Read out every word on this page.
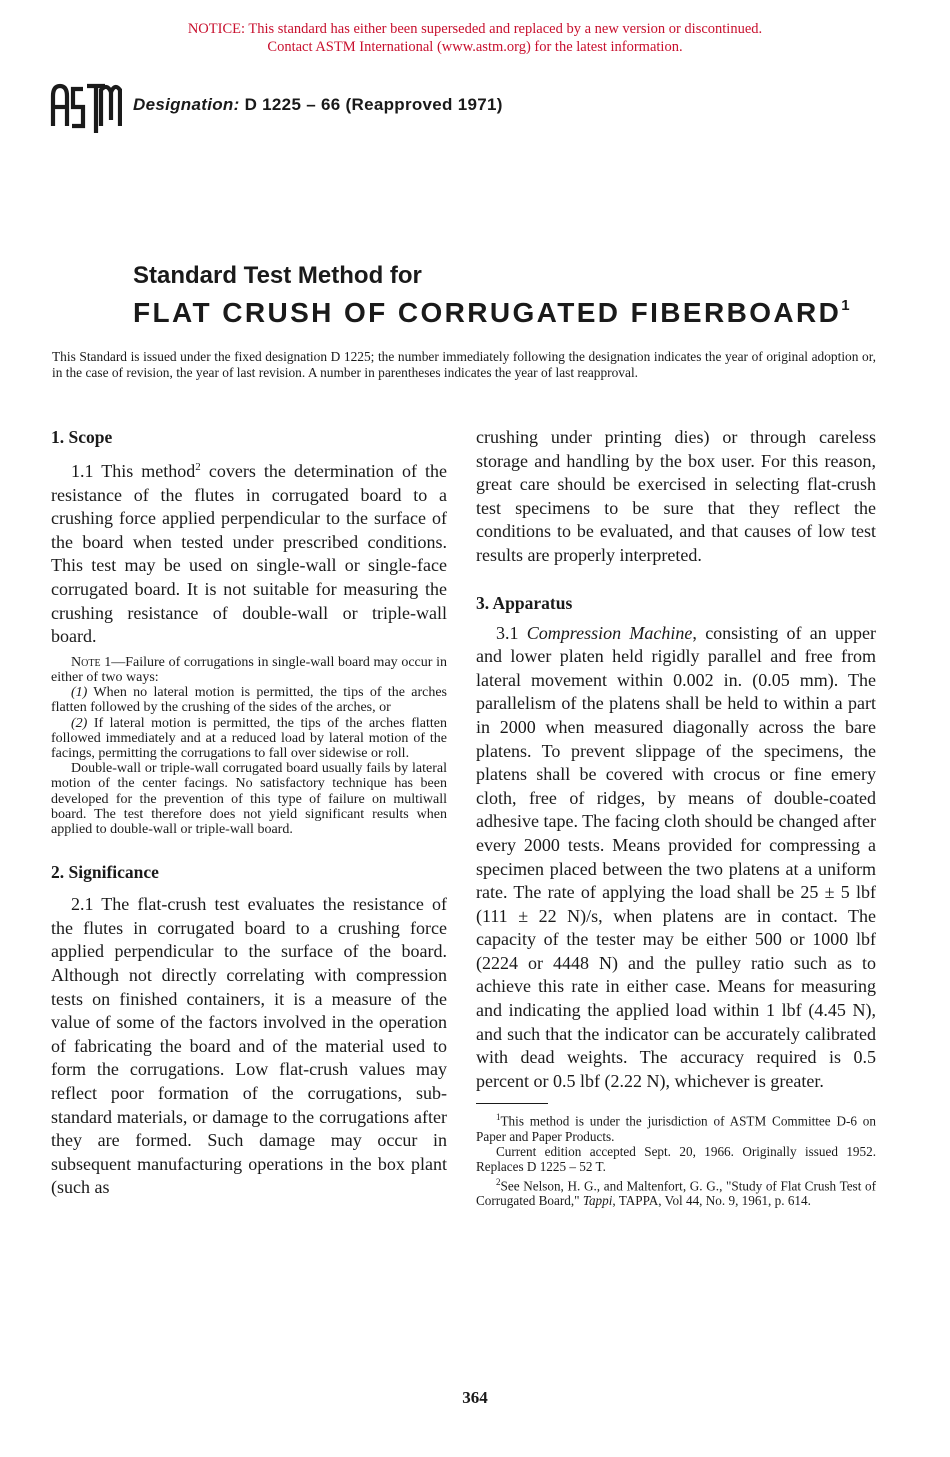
NOTICE: This standard has either been superseded and replaced by a new version or discontinued.
Contact ASTM International (www.astm.org) for the latest information.
ASTM
Designation: D 1225 – 66 (Reapproved 1971)
Standard Test Method for
FLAT CRUSH OF CORRUGATED FIBERBOARD$^1$
This Standard is issued under the fixed designation D 1225; the number immediately following the designation indicates the year of original adoption or, in the case of revision, the year of last revision. A number in parentheses indicates the year of last reapproval.
1. Scope

1.1 This method$^2$ covers the determination of the resistance of the flutes in corrugated board to a crushing force applied perpendicular to the surface of the board when tested under prescribed conditions. This test may be used on single-wall or single-face corrugated board. It is not suitable for measuring the crushing resistance of double-wall or triple-wall board.

Note 1—Failure of corrugations in single-wall board may occur in either of two ways:

(1) When no lateral motion is permitted, the tips of the arches flatten followed by the crushing of the sides of the arches, or

(2) If lateral motion is permitted, the tips of the arches flatten followed immediately and at a reduced load by lateral motion of the facings, permitting the corrugations to fall over sidewise or roll.

Double-wall or triple-wall corrugated board usually fails by lateral motion of the center facings. No satisfactory technique has been developed for the prevention of this type of failure on multiwall board. The test therefore does not yield significant results when applied to double-wall or triple-wall board.

2. Significance

2.1 The flat-crush test evaluates the resistance of the flutes in corrugated board to a crushing force applied perpendicular to the surface of the board. Although not directly correlating with compression tests on finished containers, it is a measure of the value of some of the factors involved in the operation of fabricating the board and of the material used to form the corrugations. Low flat-crush values may reflect poor formation of the corrugations, sub-standard materials, or damage to the corrugations after they are formed. Such damage may occur in subsequent manufacturing operations in the box plant (such as

crushing under printing dies) or through careless storage and handling by the box user. For this reason, great care should be exercised in selecting flat-crush test specimens to be sure that they reflect the conditions to be evaluated, and that causes of low test results are properly interpreted.

3. Apparatus

3.1 Compression Machine, consisting of an upper and lower platen held rigidly parallel and free from lateral movement within 0.002 in. (0.05 mm). The parallelism of the platens shall be held to within a part in 2000 when measured diagonally across the bare platens. To prevent slippage of the specimens, the platens shall be covered with crocus or fine emery cloth, free of ridges, by means of double-coated adhesive tape. The facing cloth should be changed after every 2000 tests. Means provided for compressing a specimen placed between the two platens at a uniform rate. The rate of applying the load shall be 25 ± 5 lbf (111 ± 22 N)/s, when platens are in contact. The capacity of the tester may be either 500 or 1000 lbf (2224 or 4448 N) and the pulley ratio such as to achieve this rate in either case. Means for measuring and indicating the applied load within 1 lbf (4.45 N), and such that the indicator can be accurately calibrated with dead weights. The accuracy required is 0.5 percent or 0.5 lbf (2.22 N), whichever is greater.

$^1$This method is under the jurisdiction of ASTM Committee D-6 on Paper and Paper Products.

Current edition accepted Sept. 20, 1966. Originally issued 1952. Replaces D 1225 – 52 T.

$^2$See Nelson, H. G., and Maltenfort, G. G., "Study of Flat Crush Test of Corrugated Board," Tappi, TAPPA, Vol 44, No. 9, 1961, p. 614.

364
